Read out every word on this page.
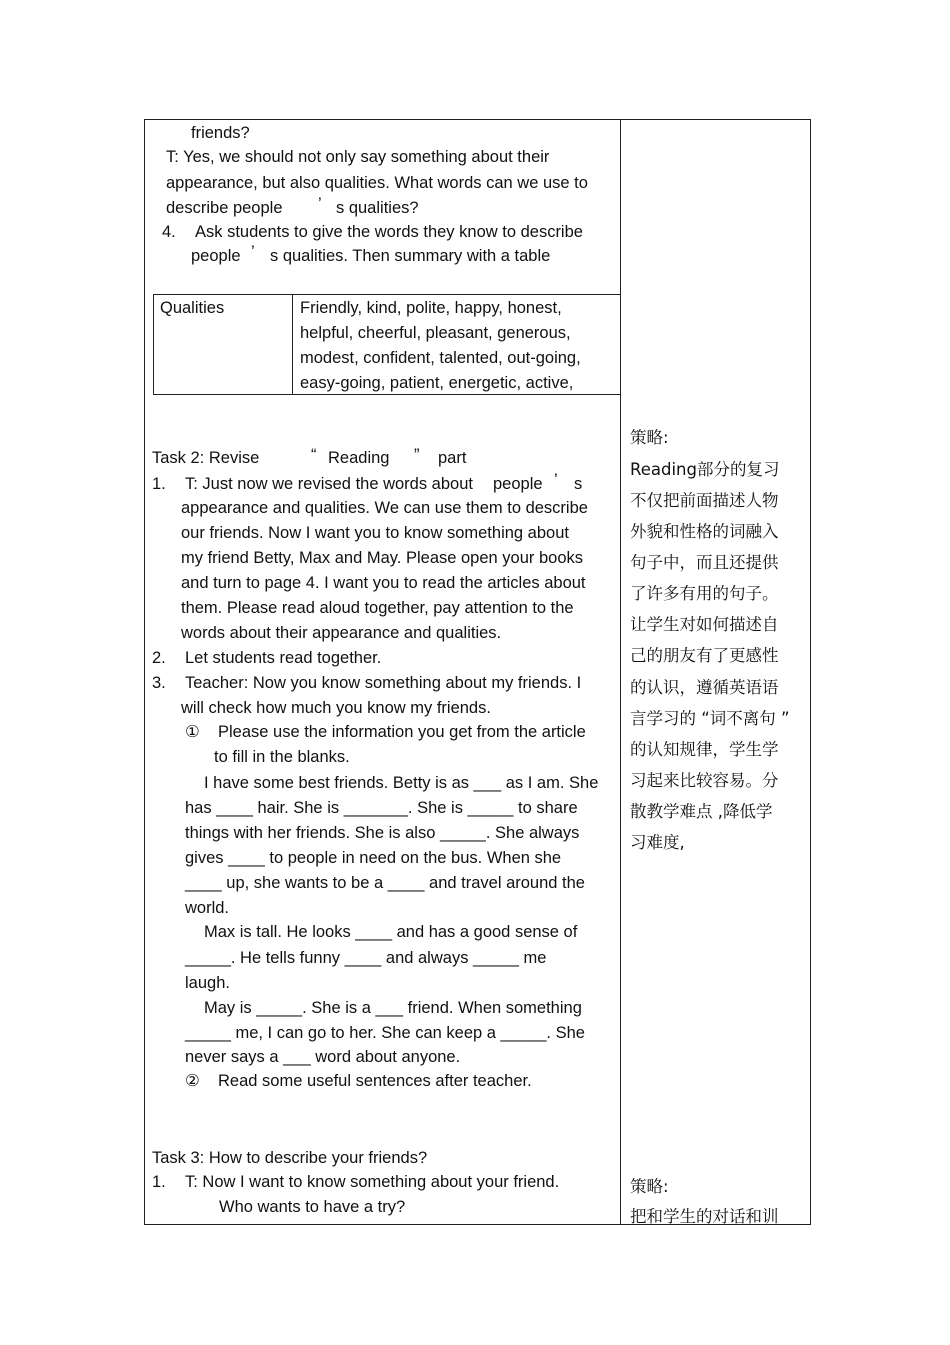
friends?
T: Yes, we should not only say something about their
appearance, but also qualities. What words can we use to
describe people ’ s qualities?
4. Ask students to give the words they know to describe
people ’ s qualities. Then summary with a table
Qualities	Friendly, kind, polite, happy, honest,
helpful, cheerful, pleasant, generous,
modest, confident, talented, out-going,
easy-going, patient, energetic, active,
Task 2: Revise	“ Reading ” part
1. T: Just now we revised the words about people ’ s
appearance and qualities. We can use them to describe
our friends. Now I want you to know something about
my friend Betty, Max and May. Please open your books
and turn to page 4. I want you to read the articles about
them. Please read aloud together, pay attention to the
words about their appearance and qualities.
2. Let students read together.
3. Teacher: Now you know something about my friends. I
will check how much you know my friends.
① Please use the information you get from the article
to fill in the blanks.
I have some best friends. Betty is as ___ as I am. She
has ____ hair. She is _______. She is _____ to share
things with her friends. She is also _____. She always
gives ____ to people in need on the bus. When she
____ up, she wants to be a ____ and travel around the
world.
Max is tall. He looks ____ and has a good sense of
_____. He tells funny ____ and always _____ me
laugh.
May is _____. She is a ___ friend. When something
_____ me, I can go to her. She can keep a _____. She
never says a ___ word about anyone.
② Read some useful sentences after teacher.
Task 3: How to describe your friends?
1. T: Now I want to know something about your friend.
Who wants to have a try?
策略:
Reading部分的复习
不仅把前面描述人物
外貌和性格的词融入
句子中，而且还提供
了许多有用的句子。
让学生对如何描述自
己的朋友有了更感性
的认识，遵循英语语
言学习的 “词不离句 ”
的认知规律，学生学
习起来比较容易。分
散教学难点 ,降低学
习难度,
策略:
把和学生的对话和训
